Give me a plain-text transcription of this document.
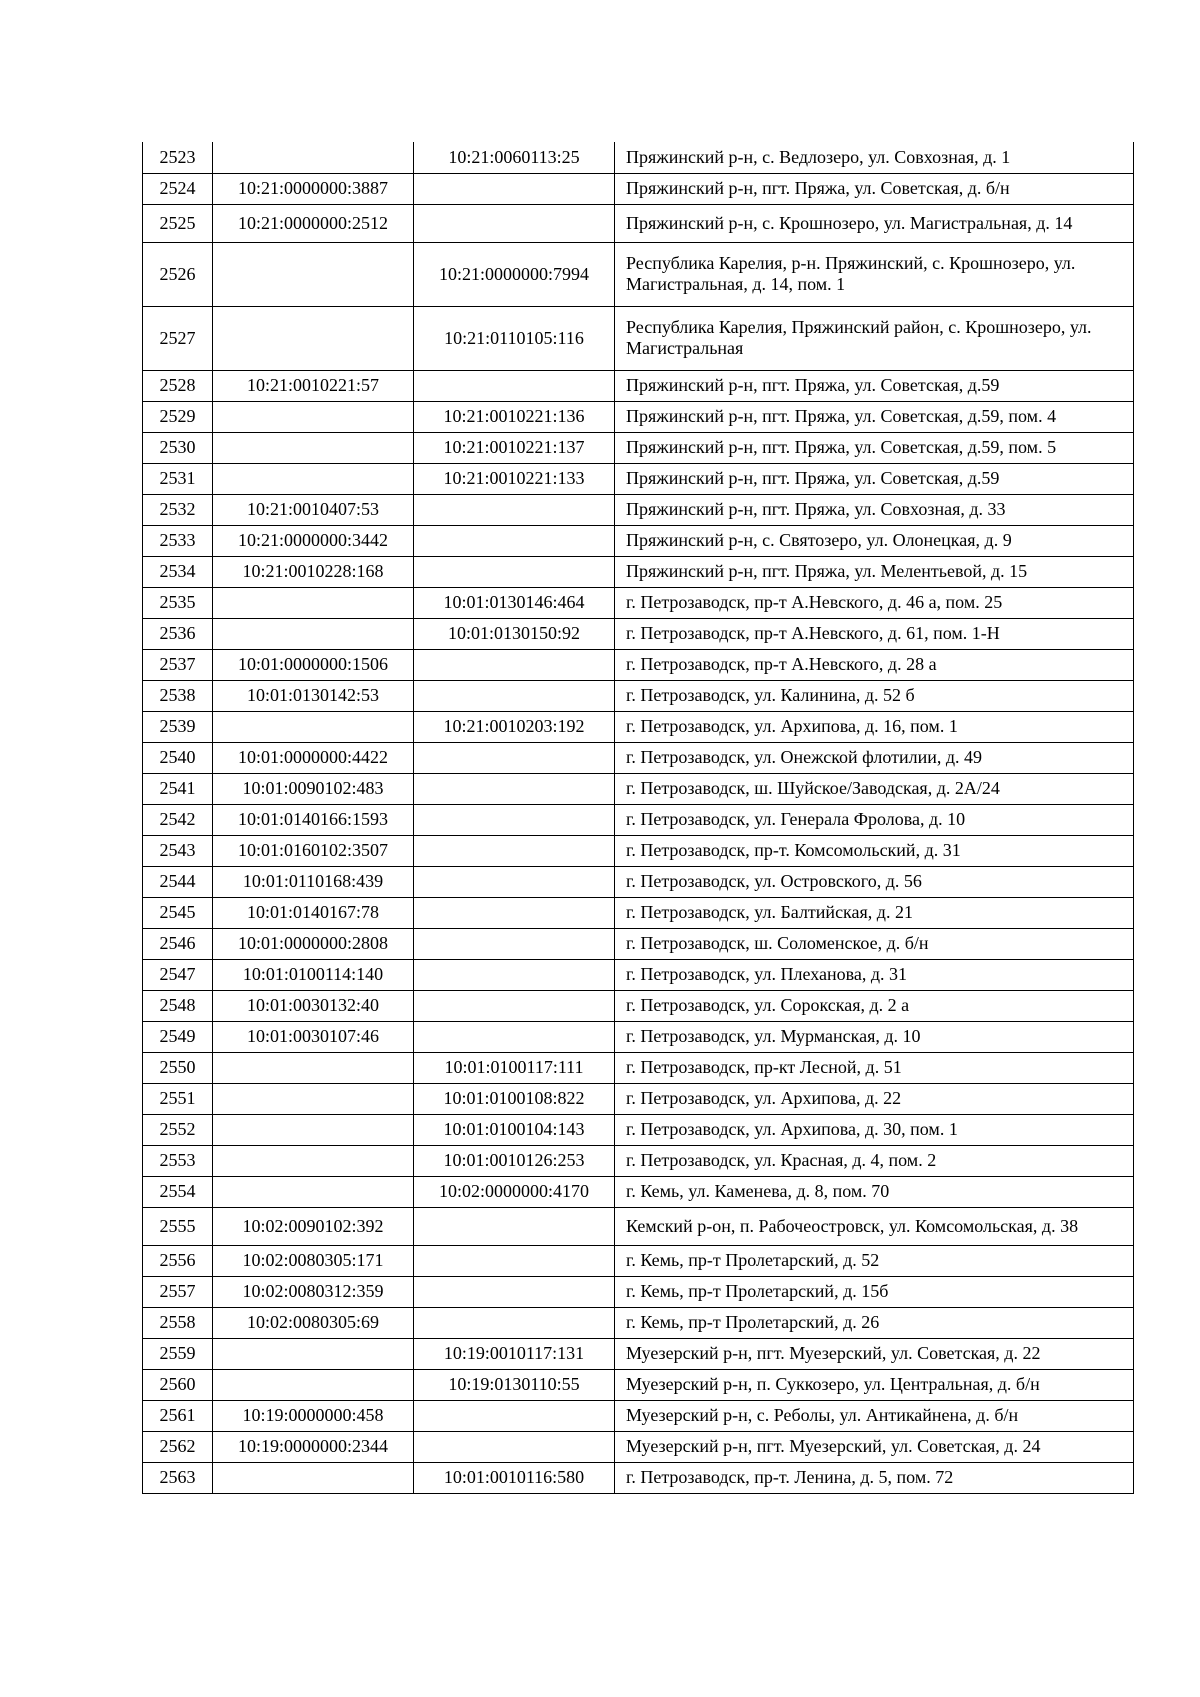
2523		10:21:0060113:25	Пряжинский р-н, с. Ведлозеро, ул. Совхозная, д. 1
2524	10:21:0000000:3887		Пряжинский р-н, пгт. Пряжа, ул. Советская, д. б/н
2525	10:21:0000000:2512		Пряжинский р-н, с. Крошнозеро, ул. Магистральная, д. 14
2526		10:21:0000000:7994	Республика Карелия, р-н. Пряжинский, с. Крошнозеро, ул. Магистральная, д. 14, пом. 1
2527		10:21:0110105:116	Республика Карелия, Пряжинский район, с. Крошнозеро, ул. Магистральная
2528	10:21:0010221:57		Пряжинский р-н, пгт. Пряжа, ул. Советская, д.59
2529		10:21:0010221:136	Пряжинский р-н, пгт. Пряжа, ул. Советская, д.59, пом. 4
2530		10:21:0010221:137	Пряжинский р-н, пгт. Пряжа, ул. Советская, д.59, пом. 5
2531		10:21:0010221:133	Пряжинский р-н, пгт. Пряжа, ул. Советская, д.59
2532	10:21:0010407:53		Пряжинский р-н, пгт. Пряжа, ул. Совхозная, д. 33
2533	10:21:0000000:3442		Пряжинский р-н, с. Святозеро, ул. Олонецкая, д. 9
2534	10:21:0010228:168		Пряжинский р-н, пгт. Пряжа, ул. Мелентьевой, д. 15
2535		10:01:0130146:464	г. Петрозаводск, пр-т А.Невского, д. 46 а, пом. 25
2536		10:01:0130150:92	г. Петрозаводск, пр-т А.Невского, д. 61, пом. 1-Н
2537	10:01:0000000:1506		г. Петрозаводск, пр-т А.Невского, д. 28 а
2538	10:01:0130142:53		г. Петрозаводск, ул. Калинина, д. 52 б
2539		10:21:0010203:192	г. Петрозаводск, ул. Архипова, д. 16, пом. 1
2540	10:01:0000000:4422		г. Петрозаводск, ул. Онежской флотилии, д. 49
2541	10:01:0090102:483		г. Петрозаводск, ш. Шуйское/Заводская, д. 2А/24
2542	10:01:0140166:1593		г. Петрозаводск, ул. Генерала Фролова, д. 10
2543	10:01:0160102:3507		г. Петрозаводск, пр-т. Комсомольский, д. 31
2544	10:01:0110168:439		г. Петрозаводск, ул. Островского, д. 56
2545	10:01:0140167:78		г. Петрозаводск, ул. Балтийская, д. 21
2546	10:01:0000000:2808		г. Петрозаводск, ш. Соломенское, д. б/н
2547	10:01:0100114:140		г. Петрозаводск, ул. Плеханова, д. 31
2548	10:01:0030132:40		г. Петрозаводск, ул. Сорокская, д. 2 а
2549	10:01:0030107:46		г. Петрозаводск, ул. Мурманская, д. 10
2550		10:01:0100117:111	г. Петрозаводск, пр-кт Лесной, д. 51
2551		10:01:0100108:822	г. Петрозаводск, ул. Архипова, д. 22
2552		10:01:0100104:143	г. Петрозаводск, ул. Архипова, д. 30, пом. 1
2553		10:01:0010126:253	г. Петрозаводск, ул. Красная, д. 4, пом. 2
2554		10:02:0000000:4170	г. Кемь, ул. Каменева, д. 8, пом. 70
2555	10:02:0090102:392		Кемский р-он, п. Рабочеостровск, ул. Комсомольская, д. 38
2556	10:02:0080305:171		г. Кемь, пр-т Пролетарский, д. 52
2557	10:02:0080312:359		г. Кемь, пр-т Пролетарский, д. 15б
2558	10:02:0080305:69		г. Кемь, пр-т Пролетарский, д. 26
2559		10:19:0010117:131	Муезерский р-н, пгт. Муезерский, ул. Советская, д. 22
2560		10:19:0130110:55	Муезерский р-н, п. Суккозеро, ул. Центральная, д. б/н
2561	10:19:0000000:458		Муезерский р-н, с. Реболы, ул. Антикайнена, д. б/н
2562	10:19:0000000:2344		Муезерский р-н, пгт. Муезерский, ул. Советская, д. 24
2563		10:01:0010116:580	г. Петрозаводск, пр-т. Ленина, д. 5, пом. 72
